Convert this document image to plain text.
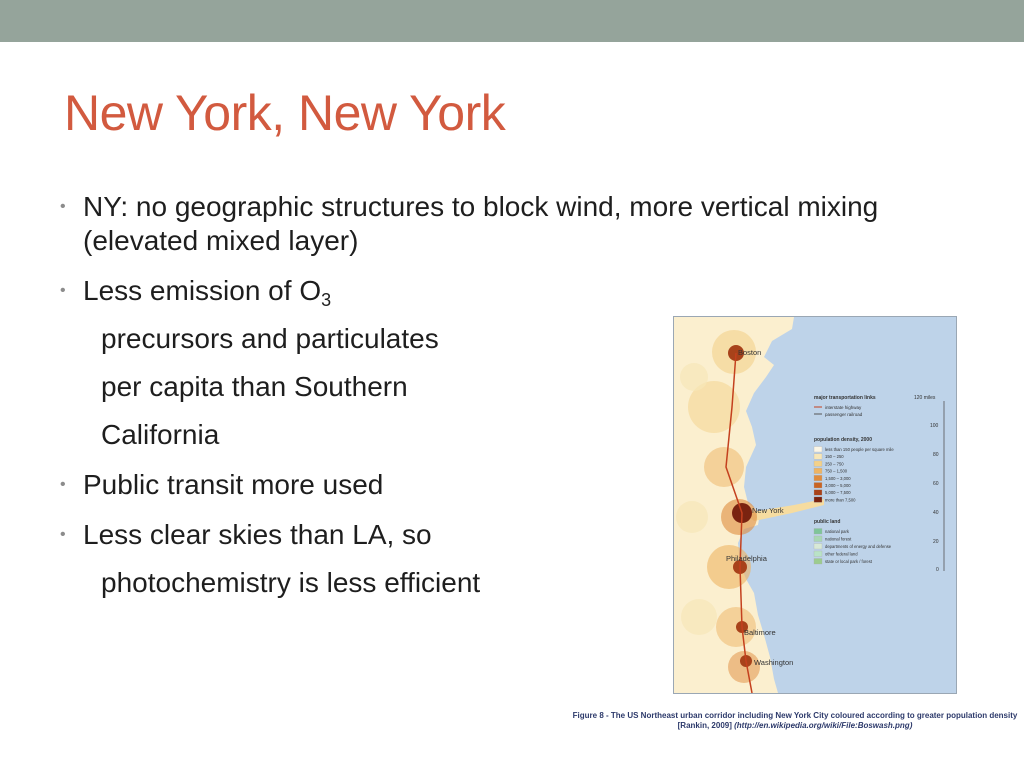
New York, New York
• NY: no geographic structures to block wind, more vertical mixing (elevated mixed layer)
• Less emission of $O_3$
precursors and particulates
per capita than Southern
California
• Public transit more used
• Less clear skies than LA, so
photochemistry is less efficient
Boston
New York
Philadelphia
Baltimore
Washington
major transportation links
interstate highway
passenger railroad
120 miles
100
80
60
40
20
0
population density, 2000
less than 150 people per square mile
150 – 250
250 – 750
750 – 1,500
1,500 – 3,000
3,000 – 5,000
5,000 – 7,500
more than 7,500
public land
national park
national forest
departments of energy and defense
other federal land
state or local park / forest
Figure 8 - The US Northeast urban corridor including New York City coloured according to greater population density
[Rankin, 2009] (http://en.wikipedia.org/wiki/File:Boswash.png)
